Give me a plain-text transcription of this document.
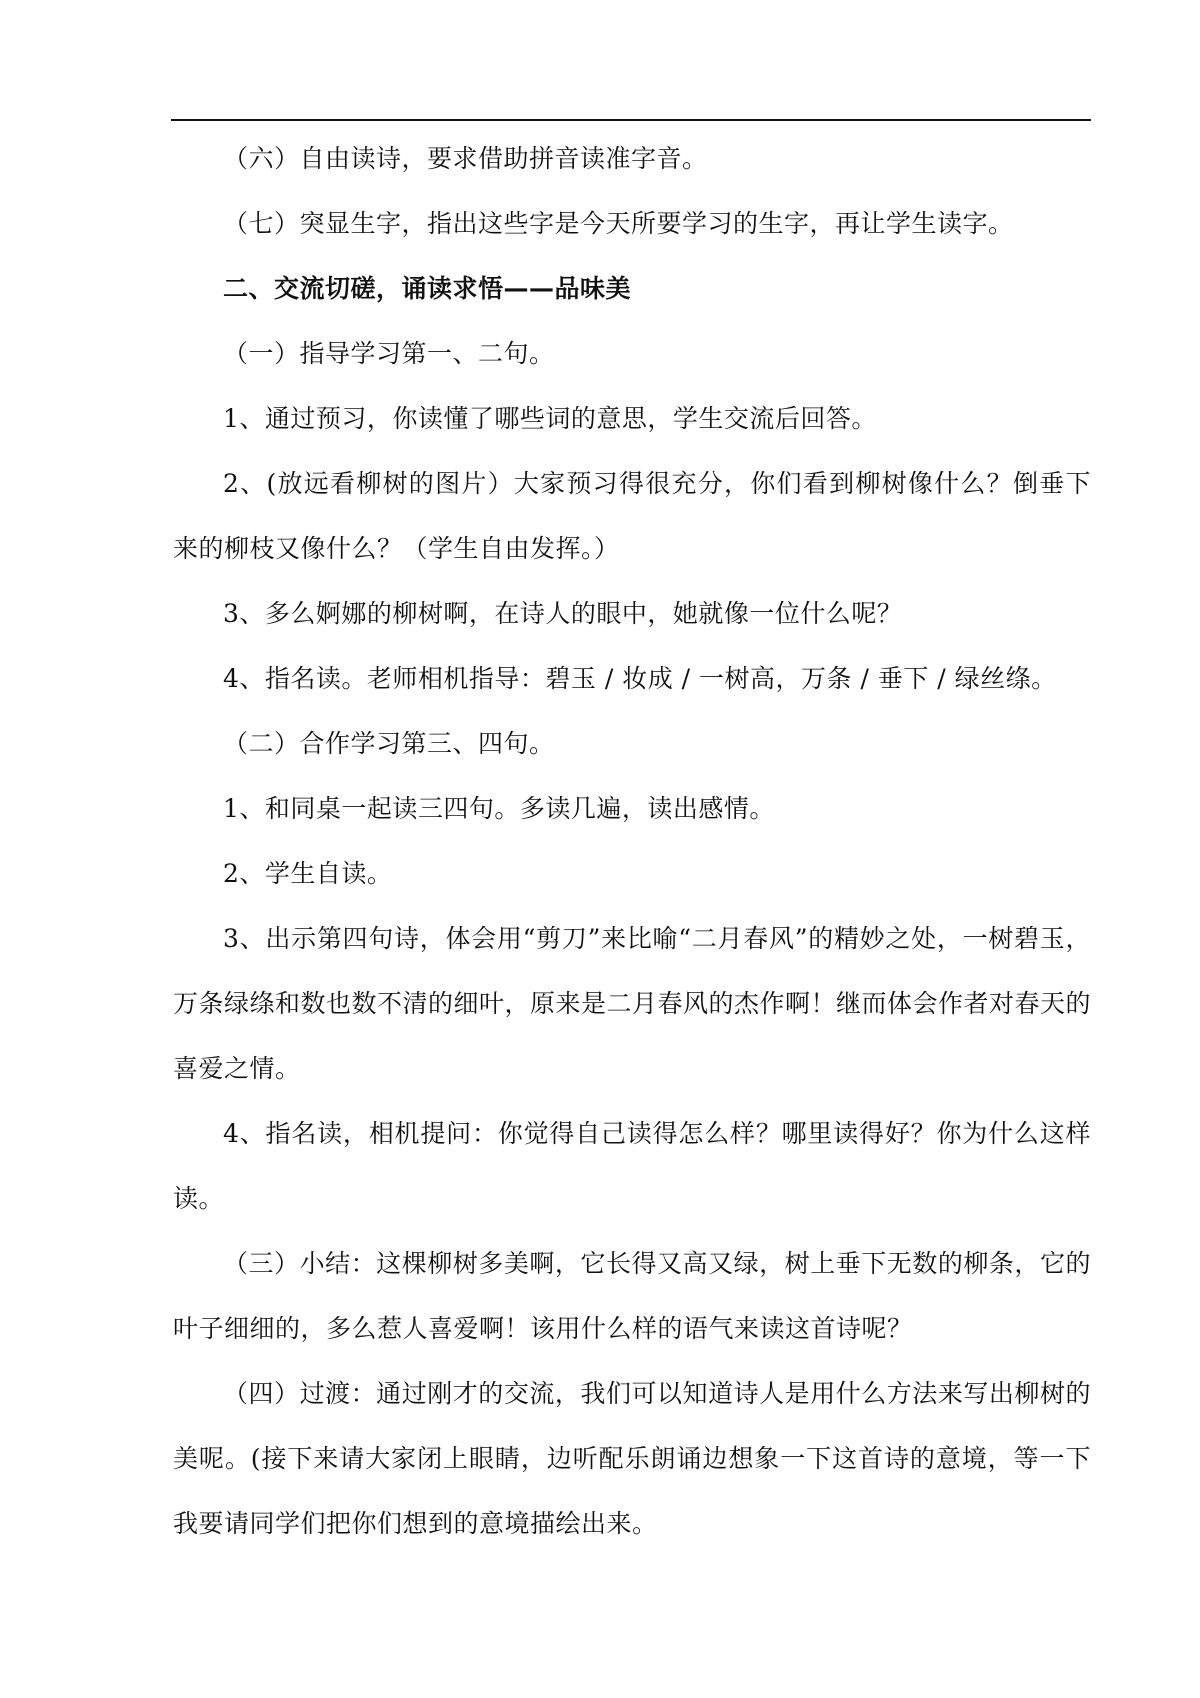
（六）自由读诗，要求借助拼音读准字音。

（七）突显生字，指出这些字是今天所要学习的生字，再让学生读字。

二、交流切磋，诵读求悟——品味美

（一）指导学习第一、二句。

1、通过预习，你读懂了哪些词的意思，学生交流后回答。

2、(放远看柳树的图片）大家预习得很充分，你们看到柳树像什么？倒垂下来的柳枝又像什么？（学生自由发挥。）

3、多么婀娜的柳树啊，在诗人的眼中，她就像一位什么呢？

4、指名读。老师相机指导：碧玉 / 妆成 / 一树高，万条 / 垂下 / 绿丝绦。

（二）合作学习第三、四句。

1、和同桌一起读三四句。多读几遍，读出感情。

2、学生自读。

3、出示第四句诗，体会用“剪刀”来比喻“二月春风”的精妙之处，一树碧玉，万条绿绦和数也数不清的细叶，原来是二月春风的杰作啊！继而体会作者对春天的喜爱之情。

4、指名读，相机提问：你觉得自己读得怎么样？哪里读得好？你为什么这样读。

（三）小结：这棵柳树多美啊，它长得又高又绿，树上垂下无数的柳条，它的叶子细细的，多么惹人喜爱啊！该用什么样的语气来读这首诗呢？

（四）过渡：通过刚才的交流，我们可以知道诗人是用什么方法来写出柳树的美呢。(接下来请大家闭上眼睛，边听配乐朗诵边想象一下这首诗的意境，等一下我要请同学们把你们想到的意境描绘出来。
